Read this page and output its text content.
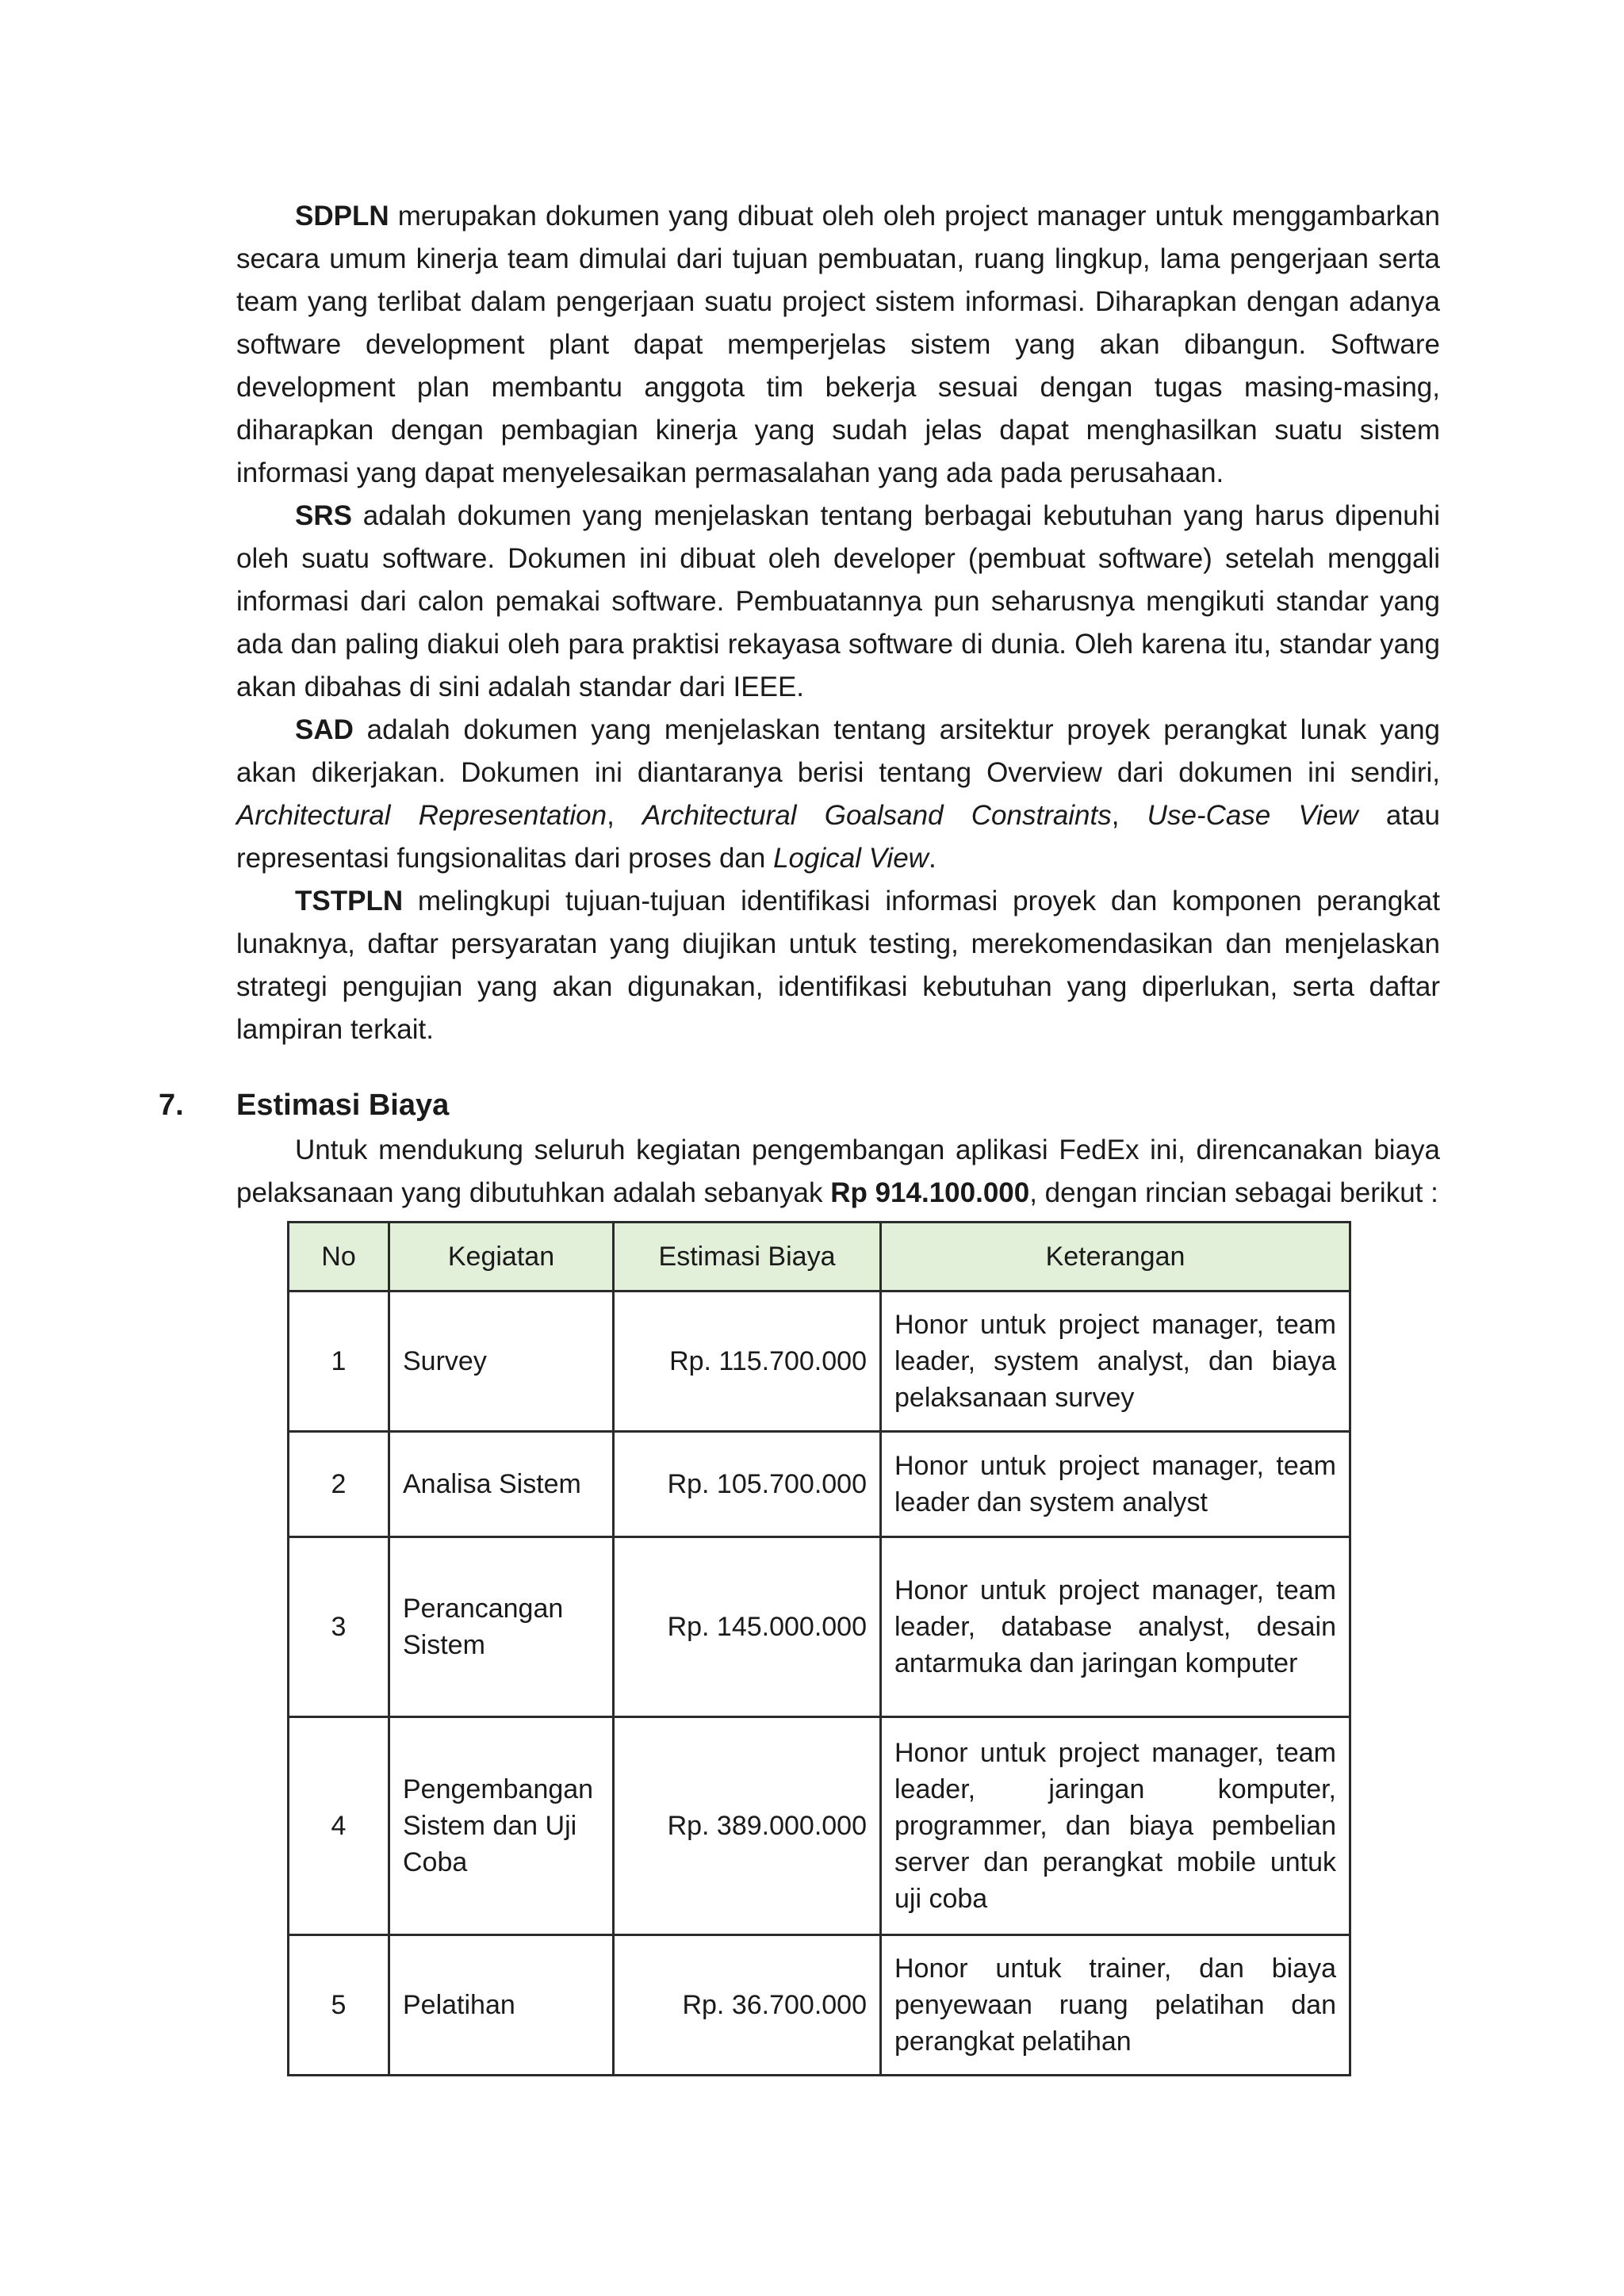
SDPLN merupakan dokumen yang dibuat oleh oleh project manager untuk menggambarkan secara umum kinerja team dimulai dari tujuan pembuatan, ruang lingkup, lama pengerjaan serta team yang terlibat dalam pengerjaan suatu project sistem informasi. Diharapkan dengan adanya software development plant dapat memperjelas sistem yang akan dibangun. Software development plan membantu anggota tim bekerja sesuai dengan tugas masing-masing, diharapkan dengan pembagian kinerja yang sudah jelas dapat menghasilkan suatu sistem informasi yang dapat menyelesaikan permasalahan yang ada pada perusahaan.

SRS adalah dokumen yang menjelaskan tentang berbagai kebutuhan yang harus dipenuhi oleh suatu software. Dokumen ini dibuat oleh developer (pembuat software) setelah menggali informasi dari calon pemakai software. Pembuatannya pun seharusnya mengikuti standar yang ada dan paling diakui oleh para praktisi rekayasa software di dunia. Oleh karena itu, standar yang akan dibahas di sini adalah standar dari IEEE.

SAD adalah dokumen yang menjelaskan tentang arsitektur proyek perangkat lunak yang akan dikerjakan. Dokumen ini diantaranya berisi tentang Overview dari dokumen ini sendiri, Architectural Representation, Architectural Goalsand Constraints, Use-Case View atau representasi fungsionalitas dari proses dan Logical View.

TSTPLN melingkupi tujuan-tujuan identifikasi informasi proyek dan komponen perangkat lunaknya, daftar persyaratan yang diujikan untuk testing, merekomendasikan dan menjelaskan strategi pengujian yang akan digunakan, identifikasi kebutuhan yang diperlukan, serta daftar lampiran terkait.

7. Estimasi Biaya

Untuk mendukung seluruh kegiatan pengembangan aplikasi FedEx ini, direncanakan biaya pelaksanaan yang dibutuhkan adalah sebanyak Rp 914.100.000, dengan rincian sebagai berikut :

No	Kegiatan	Estimasi Biaya	Keterangan
1	Survey	Rp. 115.700.000	Honor untuk project manager, team leader, system analyst, dan biaya pelaksanaan survey
2	Analisa Sistem	Rp. 105.700.000	Honor untuk project manager, team leader dan system analyst
3	Perancangan Sistem	Rp. 145.000.000	Honor untuk project manager, team leader, database analyst, desain antarmuka dan jaringan komputer
4	Pengembangan Sistem dan Uji Coba	Rp. 389.000.000	Honor untuk project manager, team leader, jaringan komputer, programmer, dan biaya pembelian server dan perangkat mobile untuk uji coba
5	Pelatihan	Rp. 36.700.000	Honor untuk trainer, dan biaya penyewaan ruang pelatihan dan perangkat pelatihan
